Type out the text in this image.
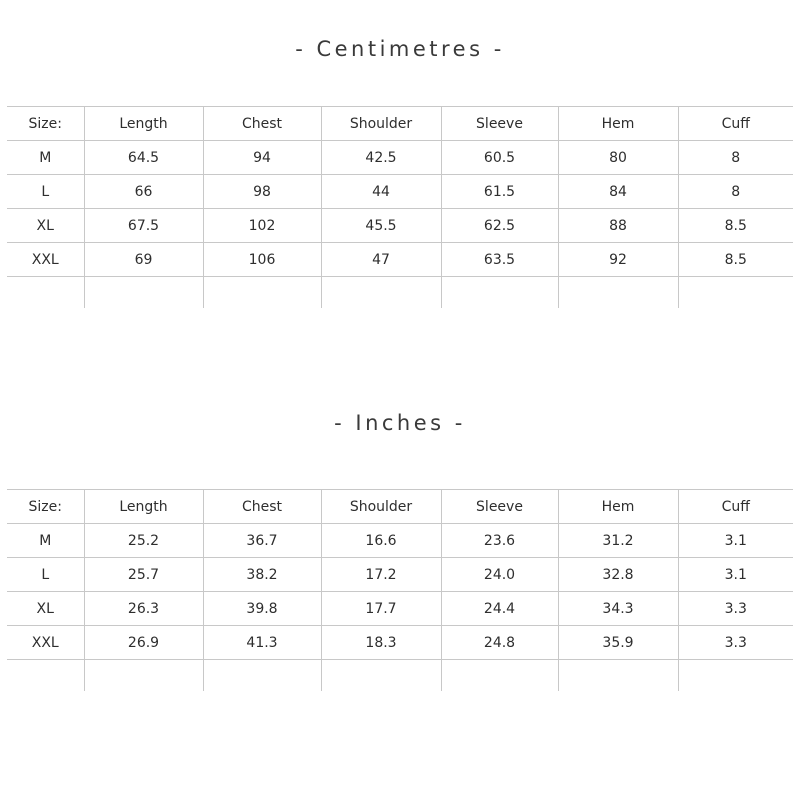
- Centimetres -
Size:	Length	Chest	Shoulder	Sleeve	Hem	Cuff
M	64.5	94	42.5	60.5	80	8
L	66	98	44	61.5	84	8
XL	67.5	102	45.5	62.5	88	8.5
XXL	69	106	47	63.5	92	8.5

- Inches -
Size:	Length	Chest	Shoulder	Sleeve	Hem	Cuff
M	25.2	36.7	16.6	23.6	31.2	3.1
L	25.7	38.2	17.2	24.0	32.8	3.1
XL	26.3	39.8	17.7	24.4	34.3	3.3
XXL	26.9	41.3	18.3	24.8	35.9	3.3
